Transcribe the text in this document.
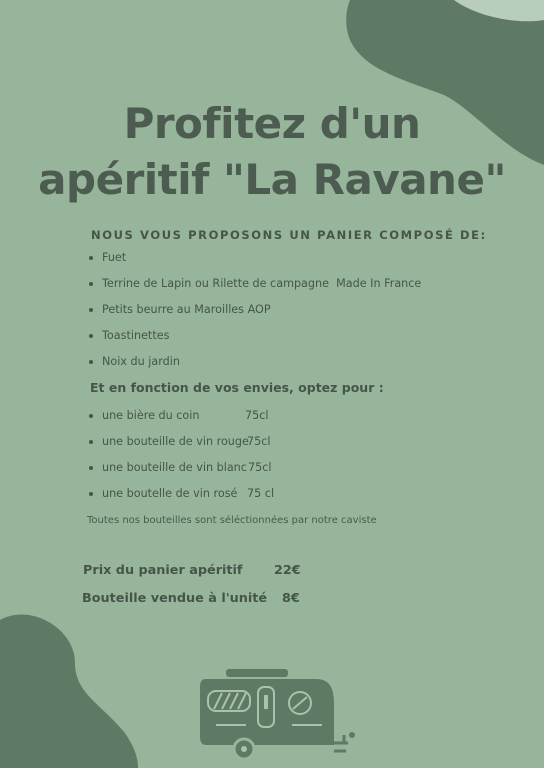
Profitez d'un
apéritif "La Ravane"
NOUS VOUS PROPOSONS UN PANIER COMPOSÉ DE:
Fuet
Terrine de Lapin ou Rilette de campagne  Made In France
Petits beurre au Maroilles AOP
Toastinettes
Noix du jardin
Et en fonction de vos envies, optez pour :
une bière du coin	75cl
une bouteille de vin rouge
75cl
une bouteille de vin blanc 75cl
une boutelle de vin rosé 75 cl
Toutes nos bouteilles sont séléctionnées par notre caviste
Prix du panier apéritif 22€
Bouteille vendue à l'unité 8€
